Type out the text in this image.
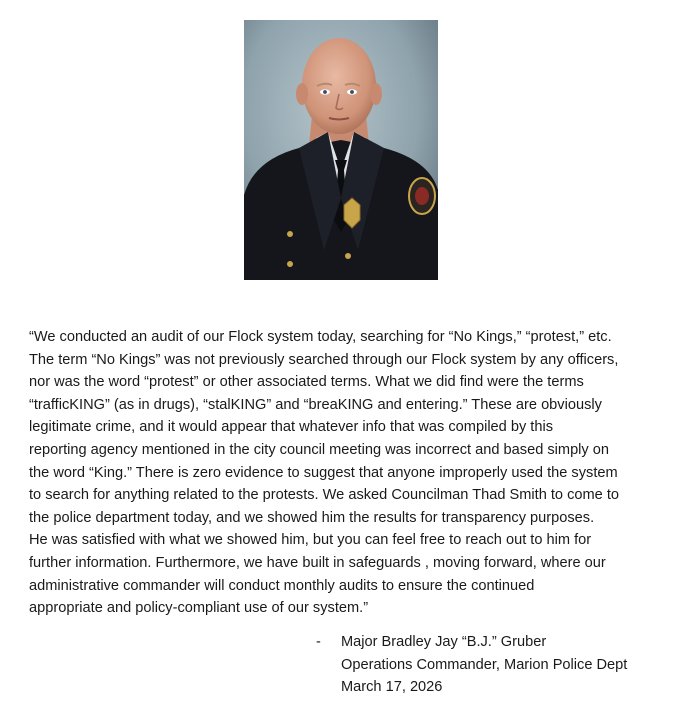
“We conducted an audit of our Flock system today, searching for “No Kings,” “protest,” etc.
The term “No Kings” was not previously searched through our Flock system by any officers,
nor was the word “protest” or other associated terms. What we did find were the terms
“trafficKING” (as in drugs), “stalKING” and “breaKING and entering.” These are obviously
legitimate crime, and it would appear that whatever info that was compiled by this
reporting agency mentioned in the city council meeting was incorrect and based simply on
the word “King.” There is zero evidence to suggest that anyone improperly used the system
to search for anything related to the protests. We asked Councilman Thad Smith to come to
the police department today, and we showed him the results for transparency purposes.
He was satisfied with what we showed him, but you can feel free to reach out to him for
further information. Furthermore, we have built in safeguards , moving forward, where our
administrative commander will conduct monthly audits to ensure the continued
appropriate and policy-compliant use of our system.”
- Major Bradley Jay “B.J.” Gruber
Operations Commander, Marion Police Dept
March 17, 2026
